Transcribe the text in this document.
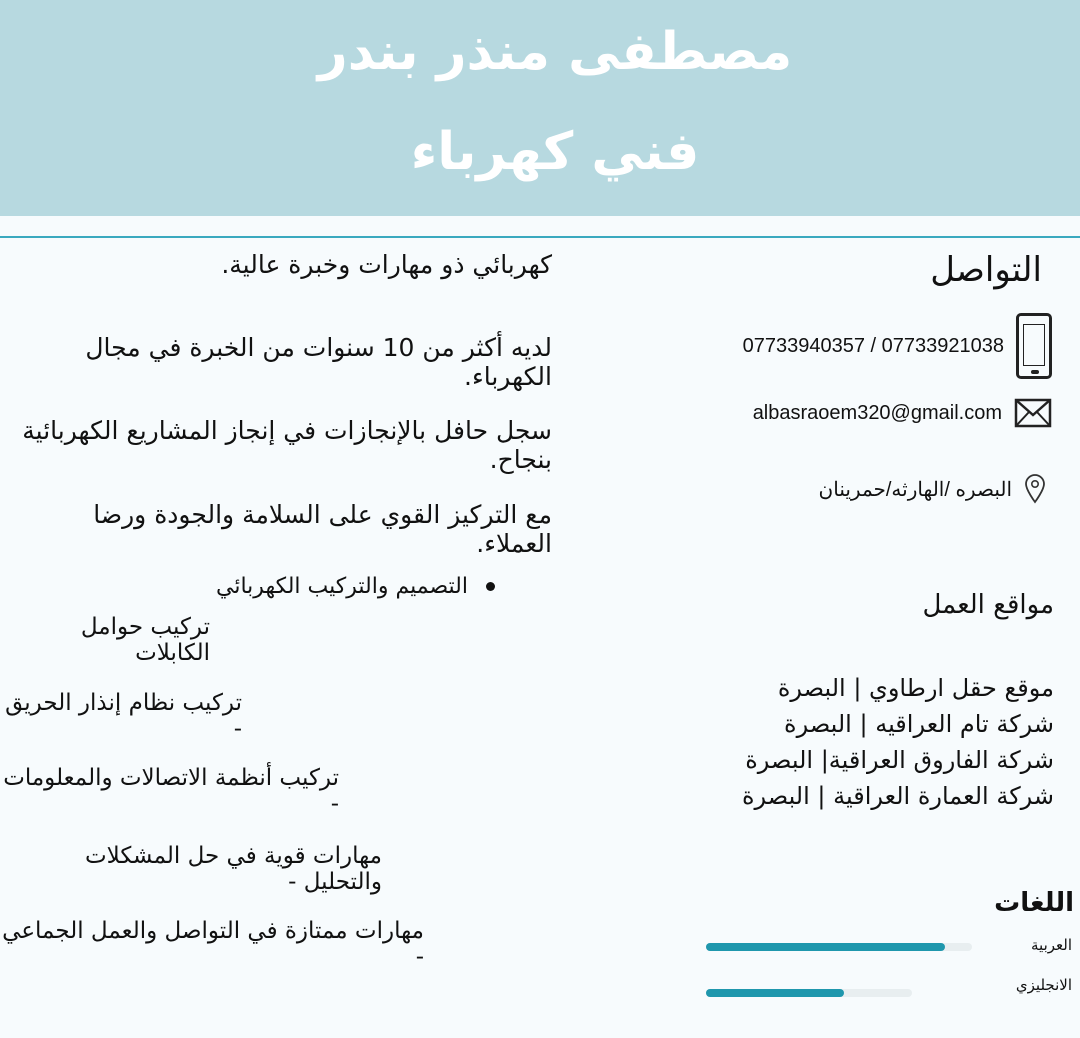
مصطفى منذر بندر
فني كهرباء
التواصل
07733940357 / 07733921038
albasraoem320@gmail.com
البصره /الهارثه/حمرينان
مواقع العمل
موقع حقل ارطاوي | البصرة
شركة تام العراقيه | البصرة
شركة الفاروق العراقية| البصرة
شركة العمارة العراقية | البصرة
اللغات
العربية
الانجليزي
كهربائي ذو مهارات وخبرة عالية.
لديه أكثر من 10 سنوات من الخبرة في مجال الكهرباء.
سجل حافل بالإنجازات في إنجاز المشاريع الكهربائية بنجاح.
مع التركيز القوي على السلامة والجودة ورضا العملاء.
التصميم والتركيب الكهربائي
تركيب حوامل الكابلات
تركيب نظام إنذار الحريق -
تركيب أنظمة الاتصالات والمعلومات -
مهارات قوية في حل المشكلات والتحليل -
مهارات ممتازة في التواصل والعمل الجماعي -
